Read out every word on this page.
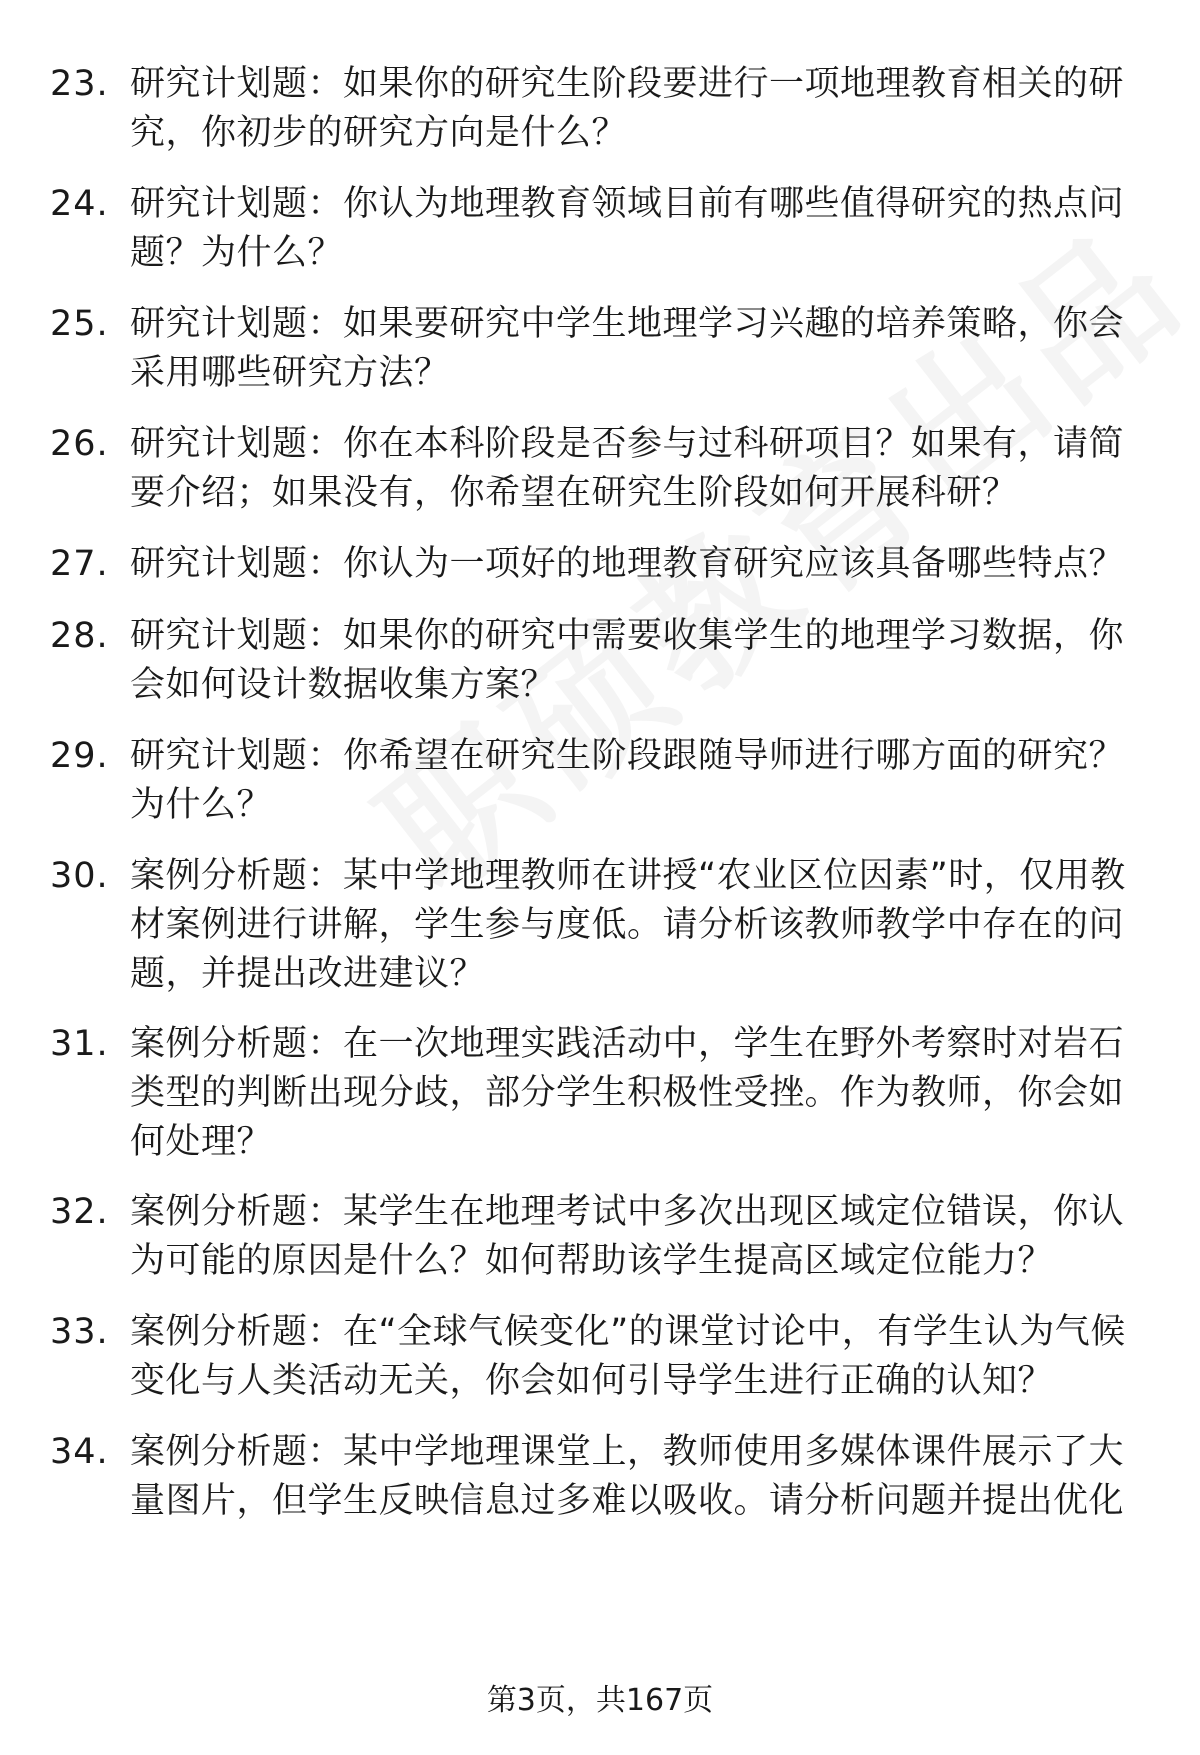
23. 研究计划题：如果你的研究生阶段要进行一项地理教育相关的研究，你初步的研究方向是什么？
24. 研究计划题：你认为地理教育领域目前有哪些值得研究的热点问题？为什么？
25. 研究计划题：如果要研究中学生地理学习兴趣的培养策略，你会采用哪些研究方法？
26. 研究计划题：你在本科阶段是否参与过科研项目？如果有，请简要介绍；如果没有，你希望在研究生阶段如何开展科研？
27. 研究计划题：你认为一项好的地理教育研究应该具备哪些特点？
28. 研究计划题：如果你的研究中需要收集学生的地理学习数据，你会如何设计数据收集方案？
29. 研究计划题：你希望在研究生阶段跟随导师进行哪方面的研究？为什么？
30. 案例分析题：某中学地理教师在讲授“农业区位因素”时，仅用教材案例进行讲解，学生参与度低。请分析该教师教学中存在的问题，并提出改进建议？
31. 案例分析题：在一次地理实践活动中，学生在野外考察时对岩石类型的判断出现分歧，部分学生积极性受挫。作为教师，你会如何处理？
32. 案例分析题：某学生在地理考试中多次出现区域定位错误，你认为可能的原因是什么？如何帮助该学生提高区域定位能力？
33. 案例分析题：在“全球气候变化”的课堂讨论中，有学生认为气候变化与人类活动无关，你会如何引导学生进行正确的认知？
34. 案例分析题：某中学地理课堂上，教师使用多媒体课件展示了大量图片，但学生反映信息过多难以吸收。请分析问题并提出优化
第3页，共167页
